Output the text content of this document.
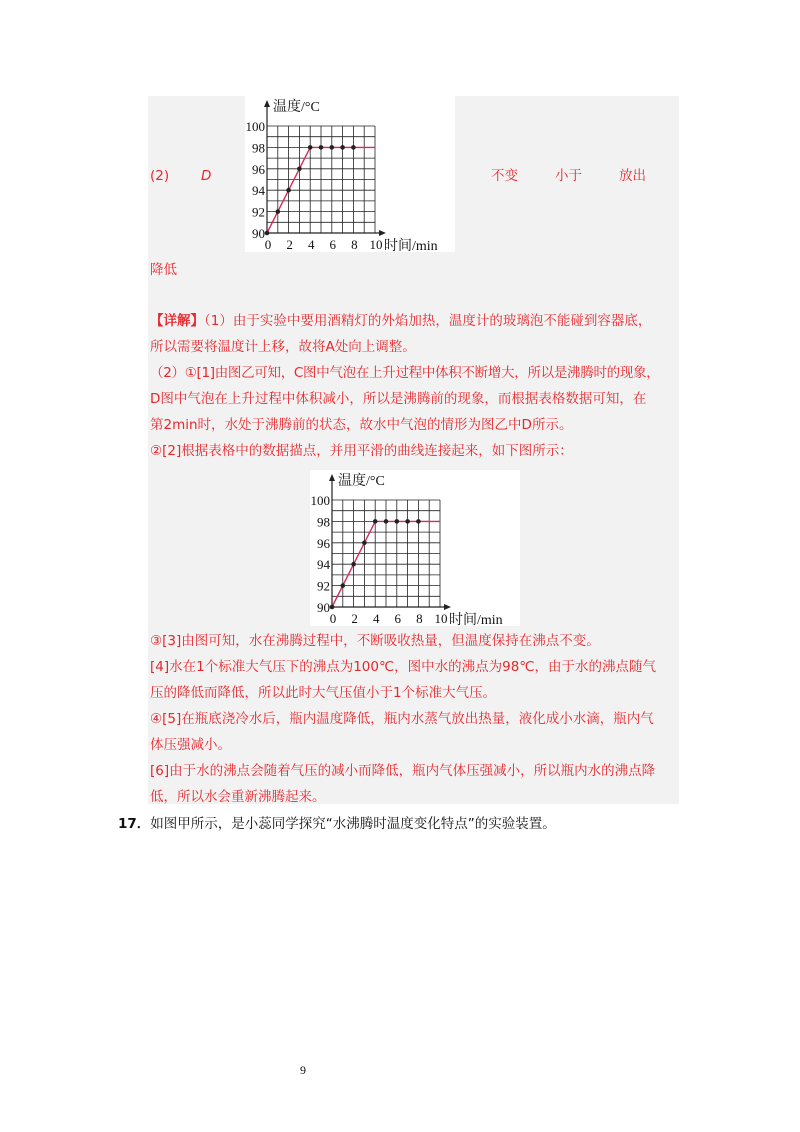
(2) D
温度/°C
时间/min
90
92
94
96
98
100
0 2 4 6 8 10
不变	小于	放出
降低
【详解】（1）由于实验中要用酒精灯的外焰加热，温度计的玻璃泡不能碰到容器底，
所以需要将温度计上移，故将A处向上调整。
（2）①[1]由图乙可知，C图中气泡在上升过程中体积不断增大，所以是沸腾时的现象，
D图中气泡在上升过程中体积减小，所以是沸腾前的现象，而根据表格数据可知，在
第2min时，水处于沸腾前的状态，故水中气泡的情形为图乙中D所示。
②[2]根据表格中的数据描点，并用平滑的曲线连接起来，如下图所示：
温度/°C
时间/min
90
92
94
96
98
100
0 2 4 6 8 10
③[3]由图可知，水在沸腾过程中，不断吸收热量，但温度保持在沸点不变。
[4]水在1个标准大气压下的沸点为100℃，图中水的沸点为98℃，由于水的沸点随气
压的降低而降低，所以此时大气压值小于1个标准大气压。
④[5]在瓶底浇冷水后，瓶内温度降低，瓶内水蒸气放出热量，液化成小水滴，瓶内气
体压强减小。
[6]由于水的沸点会随着气压的减小而降低，瓶内气体压强减小，所以瓶内水的沸点降
低，所以水会重新沸腾起来。
17．如图甲所示，是小蕊同学探究“水沸腾时温度变化特点”的实验装置。
9
